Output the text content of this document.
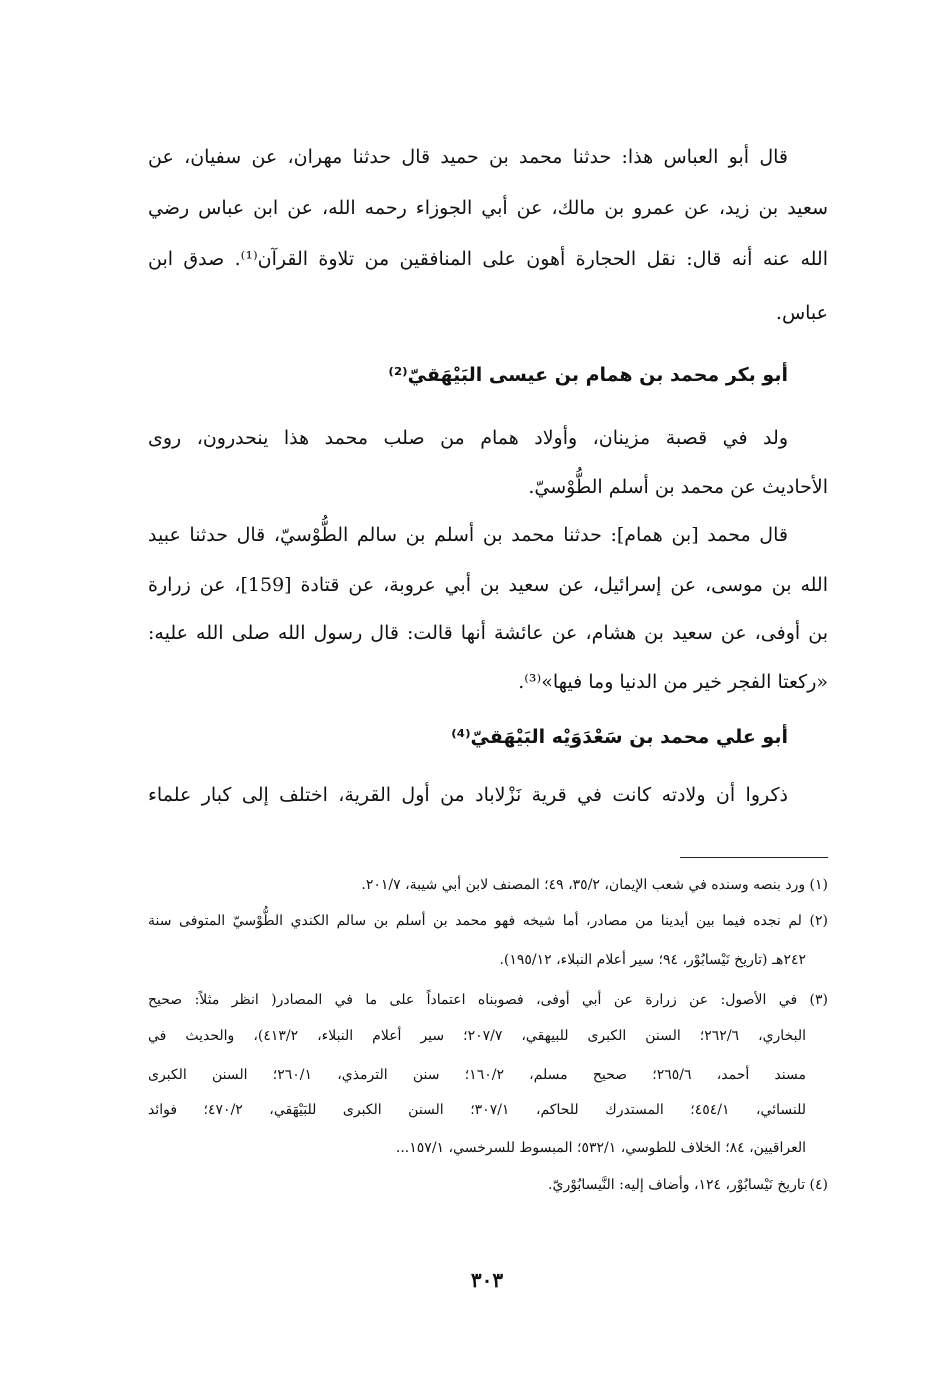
قال أبو العباس هذا: حدثنا محمد بن حميد قال حدثنا مهران، عن سفيان، عن
سعيد بن زيد، عن عمرو بن مالك، عن أبي الجوزاء رحمه الله، عن ابن عباس رضي
الله عنه أنه قال: نقل الحجارة أهون على المنافقين من تلاوة القرآن⁽¹⁾. صدق ابن
عباس.
أبو بكر محمد بن همام بن عيسى البَيْهَقيّ⁽²⁾
ولد في قصبة مزينان، وأولاد همام من صلب محمد هذا ينحدرون، روى
الأحاديث عن محمد بن أسلم الطُّوْسيّ.
قال محمد [بن همام]: حدثنا محمد بن أسلم بن سالم الطُّوْسيّ، قال حدثنا عبيد
الله بن موسى، عن إسرائيل، عن سعيد بن أبي عروبة، عن قتادة [159]، عن زرارة
بن أوفى، عن سعيد بن هشام، عن عائشة أنها قالت: قال رسول الله صلى الله عليه:
«ركعتا الفجر خير من الدنيا وما فيها»⁽³⁾.
أبو علي محمد بن سَعْدَوَيْه البَيْهَقيّ⁽⁴⁾
ذكروا أن ولادته كانت في قرية نَزْلاباد من أول القرية، اختلف إلى كبار علماء
(١) ورد بنصه وسنده في شعب الإيمان، ٣٥/٢، ٤٩؛ المصنف لابن أبي شيبة، ٢٠١/٧.
(٢) لم نجده فيما بين أيدينا من مصادر، أما شيخه فهو محمد بن أسلم بن سالم الكندي الطُّوْسيّ المتوفى سنة
٢٤٢هـ (تاريخ نَيْسابُوْر، ٩٤؛ سير أعلام النبلاء، ١٩٥/١٢).
(٣) في الأصول: عن زرارة عن أبي أوفى، فصوبناه اعتماداً على ما في المصادر( انظر مثلاً: صحيح
البخاري، ٢٦٢/٦؛ السنن الكبرى للبيهقي، ٢٠٧/٧؛ سير أعلام النبلاء، ٤١٣/٢)، والحديث في
مسند أحمد، ٢٦٥/٦؛ صحيح مسلم، ١٦٠/٢؛ سنن الترمذي، ٢٦٠/١؛ السنن الكبرى
للنسائي، ٤٥٤/١؛ المستدرك للحاكم، ٣٠٧/١؛ السنن الكبرى للبَيْهَقي، ٤٧٠/٢؛ فوائد
العراقيين، ٨٤؛ الخلاف للطوسي، ٥٣٢/١؛ المبسوط للسرخسي، ١٥٧/١...
(٤) تاريخ نَيْسابُوْر، ١٢٤، وأضاف إليه: النَّيسابُوْريّ.
٣٠٣
